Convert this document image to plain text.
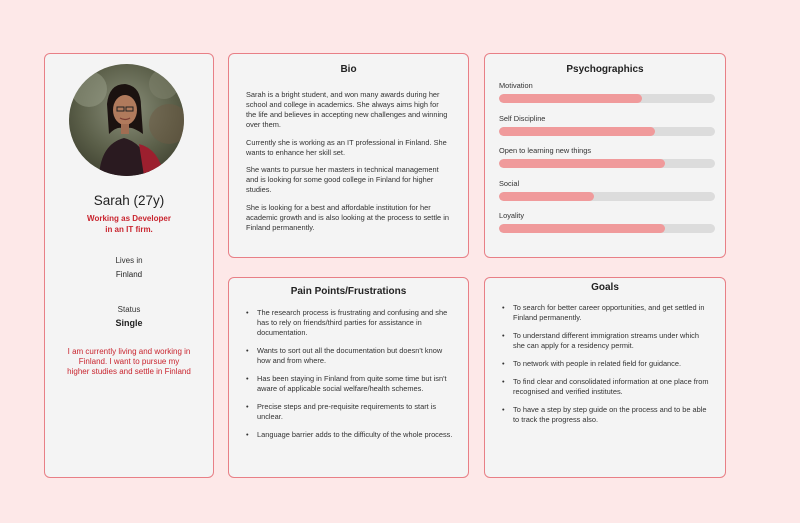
Sarah (27y)
Working as Developer
in an IT firm.
Lives in
Finland
Status
Single
I am currently living and working in Finland. I want to pursue my higher studies and settle in Finland
Bio

Sarah is a bright student, and won many awards during her school and college in academics. She always aims high for the life and believes in accepting new challenges and winning over them.

Currently she is working as an IT professional in Finland. She wants to enhance her skill set.

She wants to pursue her masters in technical management and is looking for some good college in Finland for higher studies.

She is looking for a best and affordable institution for her academic growth and is also looking at the process to settle in Finland permanently.

Psychographics
Motivation
Self Discipline
Open to learning new things
Social
Loyality
Pain Points/Frustrations
• The research process is frustrating and confusing and she has to rely on friends/third parties for assistance in documentation.
• Wants to sort out all the documentation but doesn't know how and from where.
• Has been staying in Finland from quite some time but isn't aware of applicable social welfare/health schemes.
• Precise steps and pre-requisite requirements to start is unclear.
• Language barrier adds to the difficulty of the whole process.
Goals
• To search for better career opportunities, and get settled in Finland permanently.
• To understand different immigration streams under which she can apply for a residency permit.
• To network with people in related field for guidance.
• To find clear and consolidated information at one place from recognised and verified institutes.
• To have a step by step guide on the process and to be able to track the progress also.
